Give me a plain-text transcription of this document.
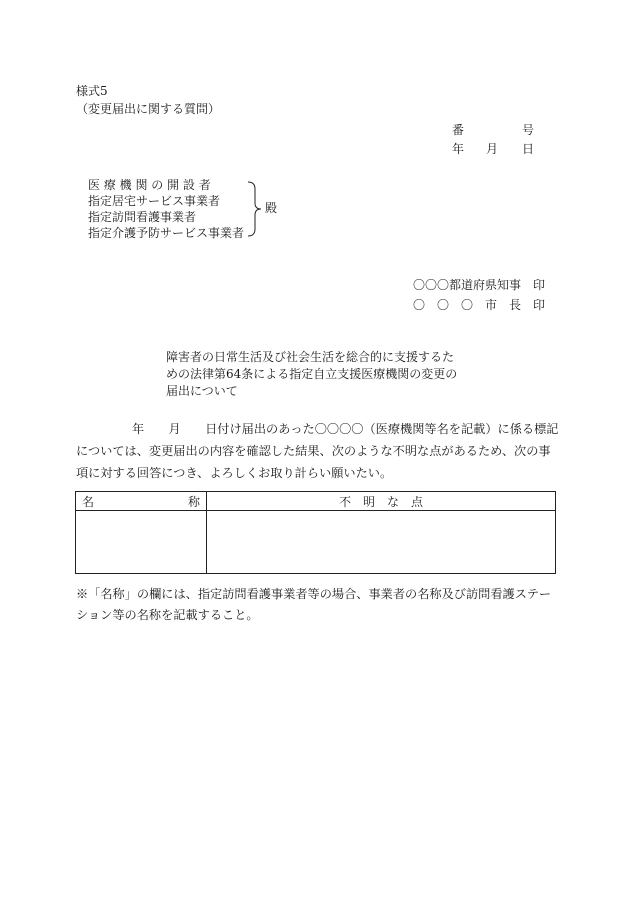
様式5
（変更届出に関する質問）
番	号
年 月 日
医 療 機 関 の 開 設 者
指定居宅サービス事業者
指定訪問看護事業者
指定介護予防サービス事業者
殿
〇〇〇都道府県知事　印
〇　〇　〇　市　長　印
障害者の日常生活及び社会生活を総合的に支援するた
めの法律第64条による指定自立支援医療機関の変更の
届出について
年　　月　　日付け届出のあった〇〇〇〇（医療機関等名を記載）に係る標記については、変更届出の内容を確認した結果、次のような不明な点があるため、次の事項に対する回答につき、よろしくお取り計らい願いたい。
名 称	不　明　な　点

※「名称」の欄には、指定訪問看護事業者等の場合、事業者の名称及び訪問看護ステーション等の名称を記載すること。
